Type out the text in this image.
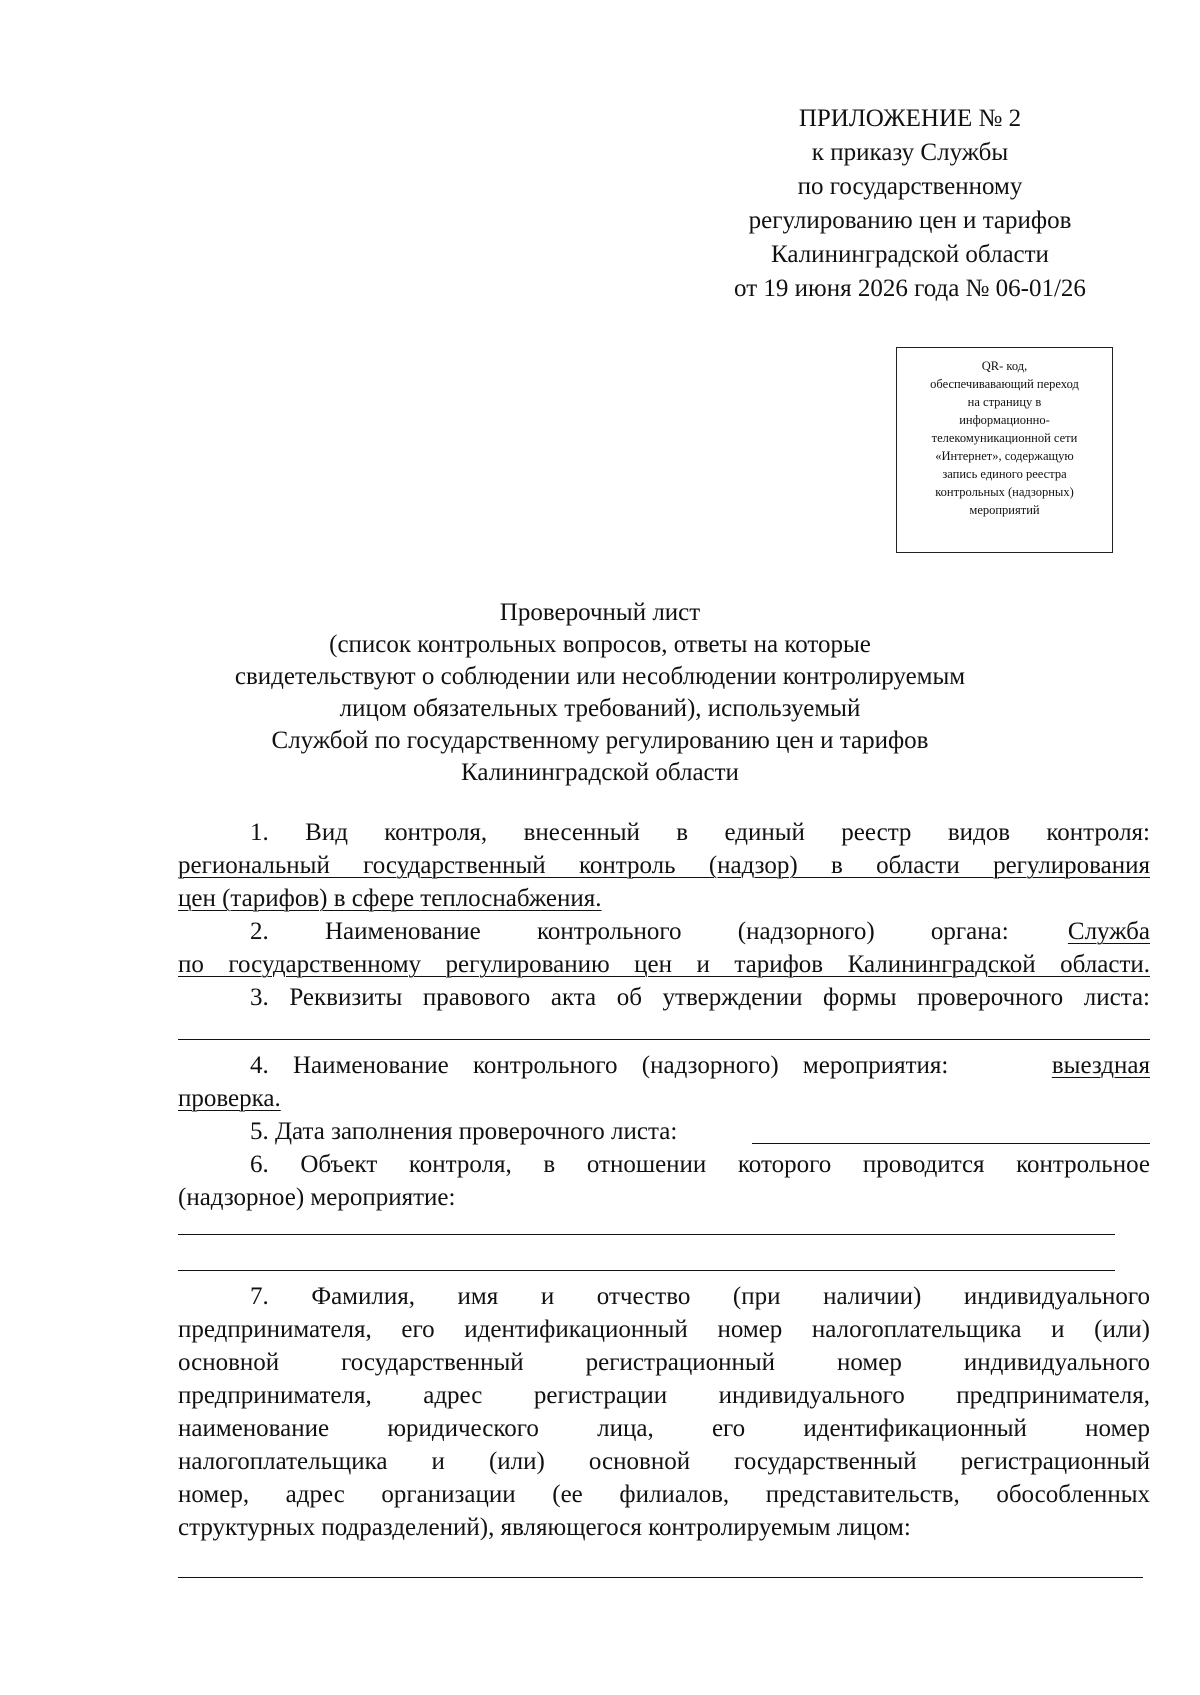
ПРИЛОЖЕНИЕ № 2
к приказу Службы
по государственному
регулированию цен и тарифов
Калининградской области
от 19 июня 2026 года № 06-01/26
QR- код,
обеспечивавающий переход
на страницу в
информационно-
телекомуникационной сети
«Интернет», содержащую
запись единого реестра
контрольных (надзорных)
мероприятий
Проверочный лист
(список контрольных вопросов, ответы на которые
свидетельствуют о соблюдении или несоблюдении контролируемым
лицом обязательных требований), используемый
Службой по государственному регулированию цен и тарифов
Калининградской области
1. Вид контроля, внесенный в единый реестр видов контроля:
региональный государственный контроль (надзор) в области регулирования
цен (тарифов) в сфере теплоснабжения.
2. Наименование контрольного (надзорного) органа: Служба
по государственному регулированию цен и тарифов Калининградской области.
3. Реквизиты правового акта об утверждении формы проверочного листа:
4. Наименование контрольного (надзорного) мероприятия:	выездная
проверка.
5. Дата заполнения проверочного листа:
6. Объект контроля, в отношении которого проводится контрольное
(надзорное) мероприятие:
7. Фамилия, имя и отчество (при наличии) индивидуального
предпринимателя, его идентификационный номер налогоплательщика и (или)
основной государственный регистрационный номер индивидуального
предпринимателя, адрес регистрации индивидуального предпринимателя,
наименование юридического лица, его идентификационный номер
налогоплательщика и (или) основной государственный регистрационный
номер, адрес организации (ее филиалов, представительств, обособленных
структурных подразделений), являющегося контролируемым лицом:
